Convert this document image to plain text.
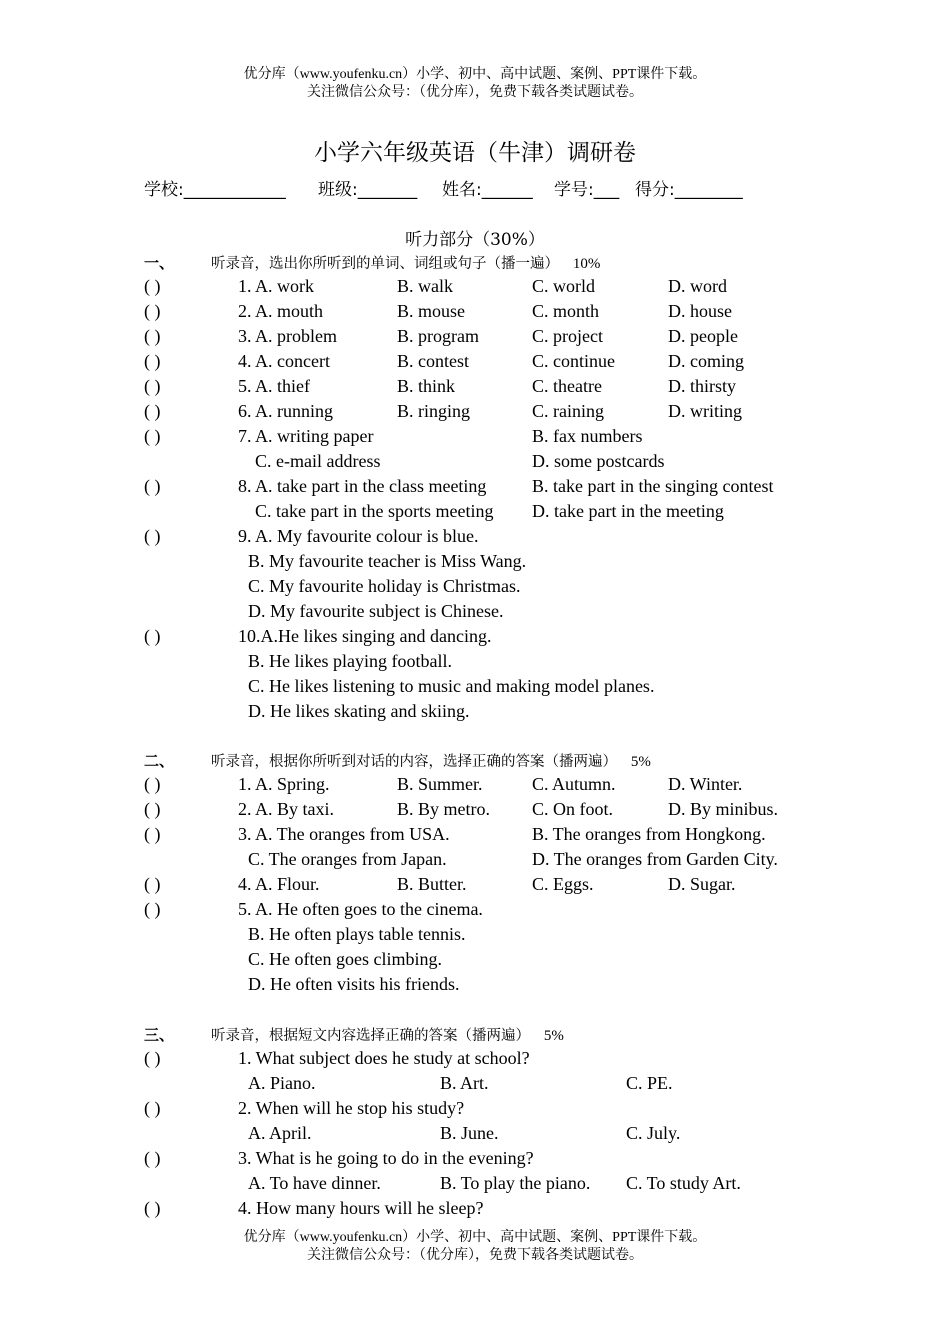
优分库（www.youfenku.cn）小学、初中、高中试题、案例、PPT课件下载。
关注微信公众号：（优分库），免费下载各类试题试卷。
小学六年级英语（牛津）调研卷
学校:____________ 班级:_______ 姓名:______ 学号:___ 得分:________
听力部分（30%）
一、	听录音，选出你所听到的单词、词组或句子（播一遍） 10%
( )	1. A. work	B. walk	C. world	D. word
( )	2. A. mouth	B. mouse	C. month	D. house
( )	3. A. problem	B. program	C. project	D. people
( )	4. A. concert	B. contest	C. continue	D. coming
( )	5. A. thief	B. think	C. theatre	D. thirsty
( )	6. A. running	B. ringing	C. raining	D. writing
( )	7. A. writing paper	B. fax numbers
C. e-mail address	D. some postcards
( )	8. A. take part in the class meeting	B. take part in the singing contest
C. take part in the sports meeting D. take part in the meeting
( )	9. A. My favourite colour is blue.
B. My favourite teacher is Miss Wang.
C. My favourite holiday is Christmas.
D. My favourite subject is Chinese.
( )	10.A.He likes singing and dancing.
B. He likes playing football.
C. He likes listening to music and making model planes.
D. He likes skating and skiing.
二、	听录音，根据你所听到对话的内容，选择正确的答案（播两遍） 5%
( )	1. A. Spring.	B. Summer.	C. Autumn.	D. Winter.
( )	2. A. By taxi.	B. By metro. C. On foot.	D. By minibus.
( )	3. A. The oranges from USA.	B. The oranges from Hongkong.
C. The oranges from Japan.	D. The oranges from Garden City.
( )	4. A. Flour.	B. Butter.	C. Eggs.	D. Sugar.
( )	5. A. He often goes to the cinema.
B. He often plays table tennis.
C. He often goes climbing.
D. He often visits his friends.
三、	听录音，根据短文内容选择正确的答案（播两遍） 5%
( )	1. What subject does he study at school?
A. Piano.	B. Art.	C. PE.
( )	2. When will he stop his study?
A. April.	B. June.	C. July.
( )	3. What is he going to do in the evening?
A. To have dinner.	B. To play the piano. C. To study Art.
( )	4. How many hours will he sleep?
优分库（www.youfenku.cn）小学、初中、高中试题、案例、PPT课件下载。
关注微信公众号：（优分库），免费下载各类试题试卷。
